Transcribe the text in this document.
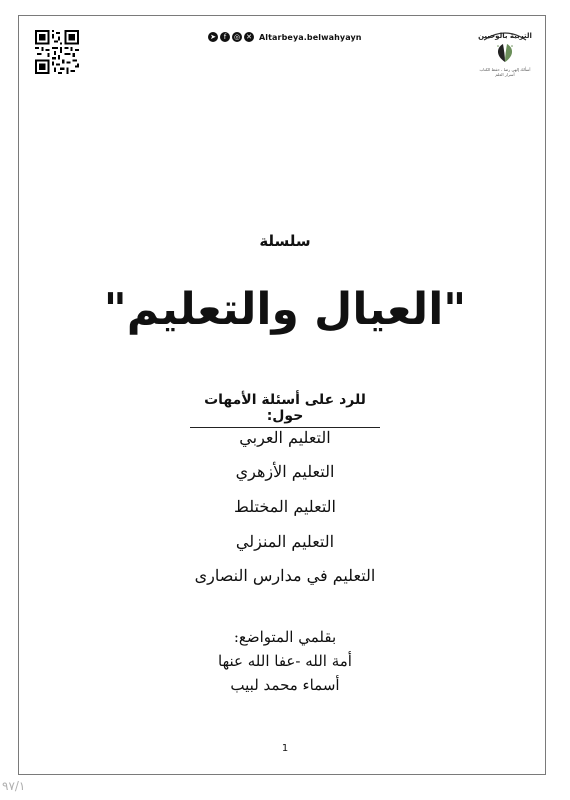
➤	f	◎ ✕ Altarbeya.belwahyayn	التربية بالوحيين
أسألك إلهي رضا ، حفظ الكتاب أسرار العلم
سلسلة
"العيال والتعليم"
للرد على أسئلة الأمهات حول:
التعليم العربي
التعليم الأزهري
التعليم المختلط
التعليم المنزلي
التعليم في مدارس النصارى
بقلمي المتواضع:
أمة الله -عفا الله عنها
أسماء محمد لبيب
1
٩٧/١
